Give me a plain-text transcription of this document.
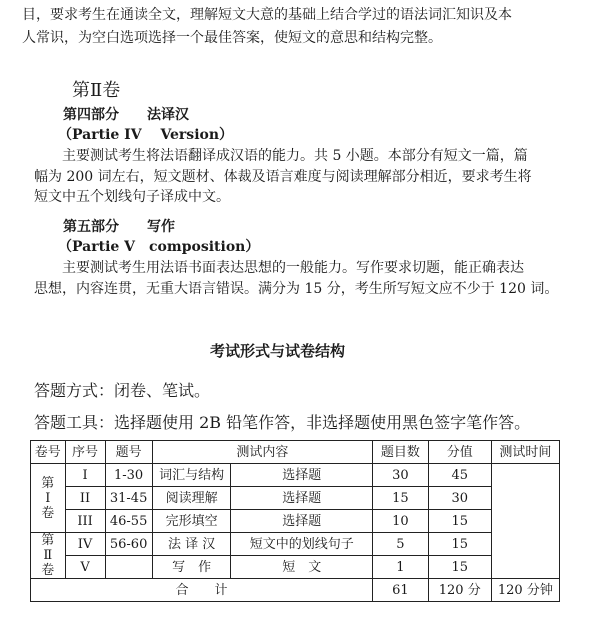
目，要求考生在通读全文，理解短文大意的基础上结合学过的语法词汇知识及本
人常识，为空白选项选择一个最佳答案，使短文的意思和结构完整。
第Ⅱ卷
第四部分　　法译汉
（Partie IV　 Version）
主要测试考生将法语翻译成汉语的能力。共 5 小题。本部分有短文一篇，篇
幅为 200 词左右，短文题材、体裁及语言难度与阅读理解部分相近，要求考生将
短文中五个划线句子译成中文。
第五部分　　写作
（Partie V　composition）
主要测试考生用法语书面表达思想的一般能力。写作要求切题，能正确表达
思想，内容连贯，无重大语言错误。满分为 15 分，考生所写短文应不少于 120 词。
考试形式与试卷结构
答题方式：闭卷、笔试。
答题工具：选择题使用 2B 铅笔作答，非选择题使用黑色签字笔作答。
卷号	序号	题号	测试内容		题目数	分值	测试时间
第
Ⅰ
卷	I	1-30	词汇与结构	选择题	30	45	
	II	31-45	阅读理解	选择题	15	30	
	III	46-55	完形填空	选择题	10	15	
第
Ⅱ
卷	IV	56-60	法 译 汉	短文中的划线句子	5	15	
	V		写　作	短　文	1	15	
合　　计					61	120 分	120 分钟
